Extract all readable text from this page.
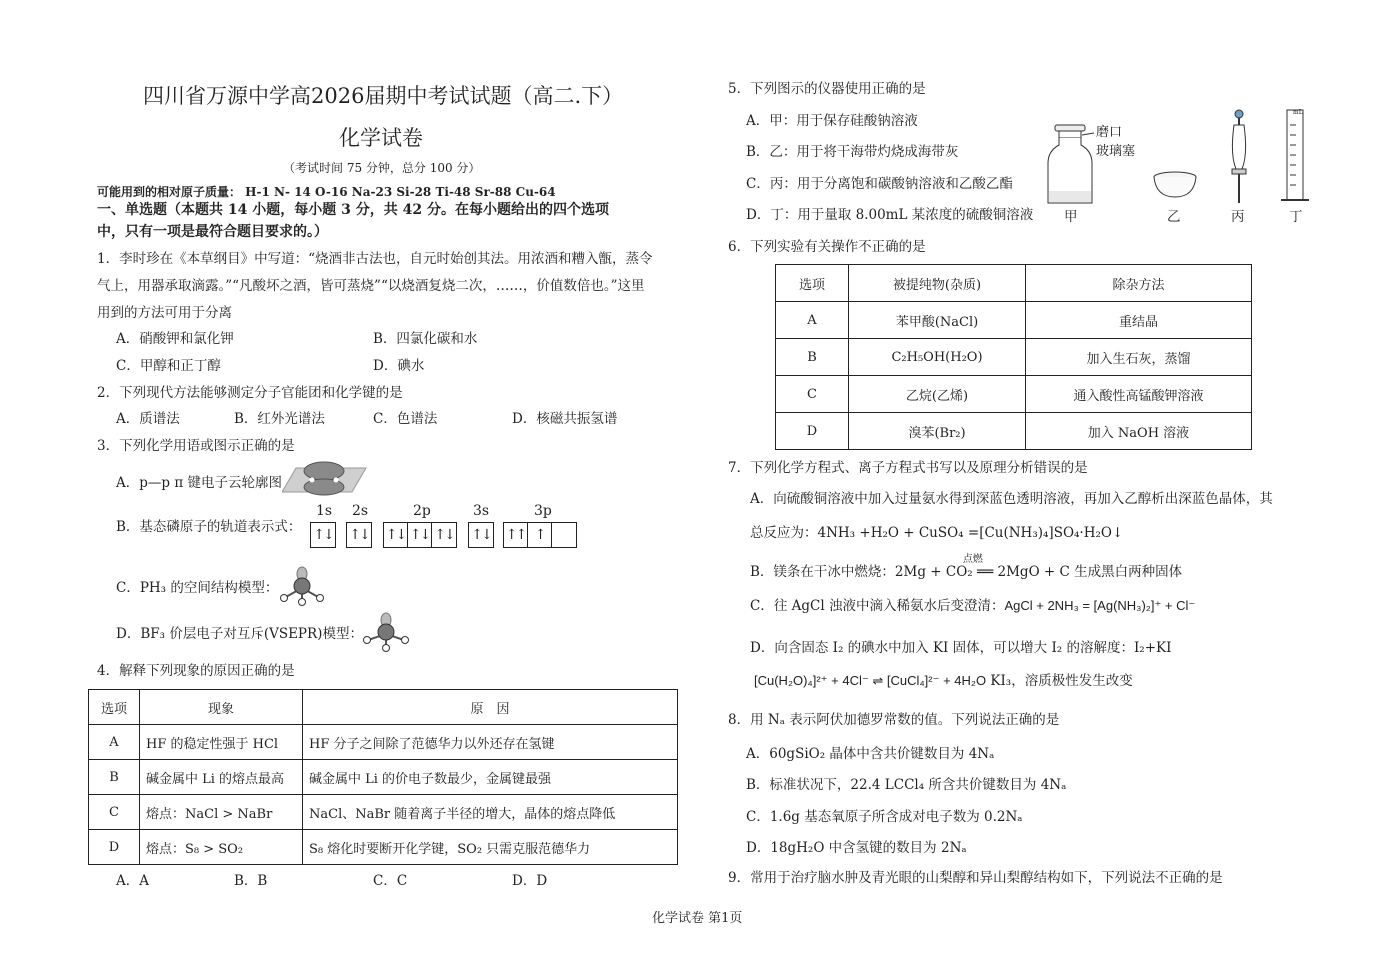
四川省万源中学高2026届期中考试试题（高二.下）
化学试卷
（考试时间 75 分钟，总分 100 分）
可能用到的相对原子质量： H-1 N- 14 O-16 Na-23 Si-28 Ti-48 Sr-88 Cu-64
一、单选题（本题共 14 小题，每小题 3 分，共 42 分。在每小题给出的四个选项
中，只有一项是最符合题目要求的。）
1．李时珍在《本草纲目》中写道：“烧酒非古法也，自元时始创其法。用浓酒和糟入甑，蒸令
气上，用器承取滴露。”“凡酸坏之酒，皆可蒸烧”“以烧酒复烧二次，……，价值数倍也。”这里
用到的方法可用于分离
A．硝酸钾和氯化钾	B．四氯化碳和水
C．甲醇和正丁醇	D．碘水
2．下列现代方法能够测定分子官能团和化学键的是
A．质谱法	B．红外光谱法	C．色谱法	D．核磁共振氢谱
3．下列化学用语或图示正确的是
A．p—p π 键电子云轮廓图
B．基态磷原子的轨道表示式：
1s 2s	2p	3s	3p
↑↓ ↑↓ ↑↓ ↑↓ ↑↓ ↑↓ ↑↑ ↑
C．PH₃ 的空间结构模型：
D．BF₃ 价层电子对互斥(VSEPR)模型：
4．解释下列现象的原因正确的是
选项	现象	原　因
A	HF 的稳定性强于 HCl	HF 分子之间除了范德华力以外还存在氢键
B	碱金属中 Li 的熔点最高	碱金属中 Li 的价电子数最少，金属键最强
C	熔点：NaCl > NaBr	NaCl、NaBr 随着离子半径的增大，晶体的熔点降低
D	熔点：S₈ > SO₂	S₈ 熔化时要断开化学键，SO₂ 只需克服范德华力
A．A	B．B	C．C	D．D
5．下列图示的仪器使用正确的是
A．甲：用于保存硅酸钠溶液
B．乙：用于将干海带灼烧成海带灰
C．丙：用于分离饱和碳酸钠溶液和乙酸乙酯
D．丁：用于量取 8.00mL 某浓度的硫酸铜溶液
mL
磨口
玻璃塞
甲	乙	丙	丁
6．下列实验有关操作不正确的是
选项	被提纯物(杂质)	除杂方法
A	苯甲酸(NaCl)	重结晶
B	C₂H₅OH(H₂O)	加入生石灰，蒸馏
C	乙烷(乙烯)	通入酸性高锰酸钾溶液
D	溴苯(Br₂)	加入 NaOH 溶液
7．下列化学方程式、离子方程式书写以及原理分析错误的是
A．向硫酸铜溶液中加入过量氨水得到深蓝色透明溶液，再加入乙醇析出深蓝色晶体，其
总反应为：4NH₃ +H₂O + CuSO₄ =[Cu(NH₃)₄]SO₄·H₂O↓
B．镁条在干冰中燃烧：
点燃
2Mg + CO₂ ══ 2MgO + C 生成黑白两种固体
C．往 AgCl 浊液中滴入稀氨水后变澄清：AgCl + 2NH₃ = [Ag(NH₃)₂]⁺ + Cl⁻
D．向含固态 I₂ 的碘水中加入 KI 固体，可以增大 I₂ 的溶解度：I₂+KI
[Cu(H₂O)₄]²⁺ + 4Cl⁻ ⇌ [CuCl₄]²⁻ + 4H₂O KI₃，溶质极性发生改变
8．用 Nₐ 表示阿伏加德罗常数的值。下列说法正确的是
A．60gSiO₂ 晶体中含共价键数目为 4Nₐ
B．标准状况下，22.4 LCCl₄ 所含共价键数目为 4Nₐ
C．1.6g 基态氧原子所含成对电子数为 0.2Nₐ
D．18gH₂O 中含氢键的数目为 2Nₐ
9．常用于治疗脑水肿及青光眼的山梨醇和异山梨醇结构如下，下列说法不正确的是
化学试卷 第1页
